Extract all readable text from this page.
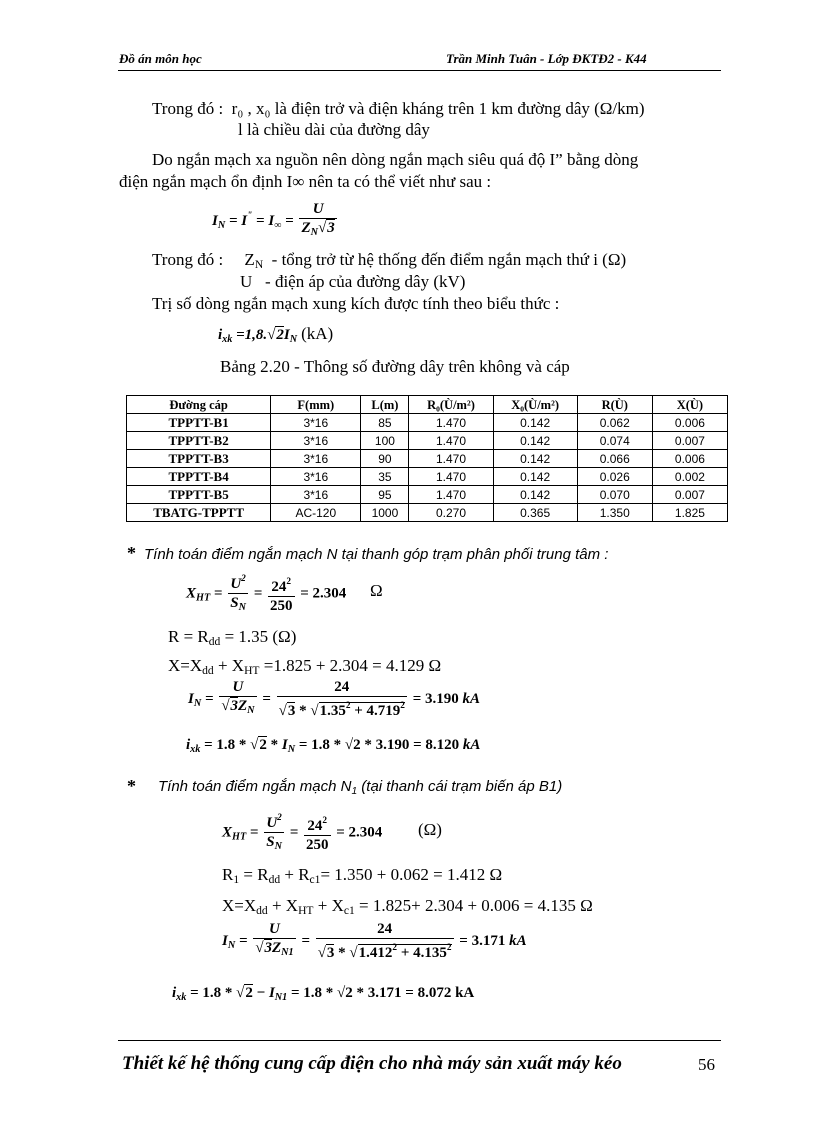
Đồ án môn học	Trần Minh Tuân - Lớp ĐKTĐ2 - K44
Trong đó : r₀ , x₀ là điện trở và điện kháng trên 1 km đường dây (Ω/km)
l là chiều dài của đường dây
Do ngắn mạch xa nguồn nên dòng ngắn mạch siêu quá độ I” bằng dòng
điện ngắn mạch ổn định I∞ nên ta có thể viết như sau :
$I_N = I^" = I_\infty = \frac{U}{Z_N√3}$
Trong đó : $Z_N$ - tổng trở từ hệ thống đến điểm ngắn mạch thứ i (Ω)
U - điện áp của đường dây (kV)
Trị số dòng ngắn mạch xung kích được tính theo biểu thức :
$i_{xk} =1,8.√2I_N$ (kA)
Bảng 2.20 - Thông số đường dây trên không và cáp
Đường cáp	F(mm)	L(m)	R₀(Ù/m²)	X₀(Ù/m²)	R(Ù)	X(Ù)
TPPTT-B1	3*16	85	1.470	0.142	0.062	0.006
TPPTT-B2	3*16	100	1.470	0.142	0.074	0.007
TPPTT-B3	3*16	90	1.470	0.142	0.066	0.006
TPPTT-B4	3*16	35	1.470	0.142	0.026	0.002
TPPTT-B5	3*16	95	1.470	0.142	0.070	0.007
TBATG-TPPTT	AC-120	1000	0.270	0.365	1.350	1.825
* Tính toán điểm ngắn mạch N tại thanh góp trạm phân phối trung tâm :
$X_{HT} = \frac{U^2}{S_N} = \frac{24^2}{250} = 2.304$ Ω
$R = R_{dd} = 1.35$ (Ω)
$X=X_{dd} + X_{HT} =1.825 + 2.304 = 4.129$ Ω
$I_N = \frac{U}{√3Z_N} = \frac{24}{√3 * √1.35^2 + 4.719^2} = 3.190$ kA
$i_{xk} = 1.8 * √2 * I_N = 1.8 * √2 * 3.190 = 8.120$ kA
* Tính toán điểm ngắn mạch $N_1$ (tại thanh cái trạm biến áp B1)
$X_{HT} = \frac{U^2}{S_N} = \frac{24^2}{250} = 2.304$ (Ω)
$R_1 = R_{dd} + R_{c1}= 1.350 + 0.062 = 1.412$ Ω
$X=X_{dd} + X_{HT} + X_{c1} = 1.825+ 2.304 + 0.006 = 4.135$ Ω
$I_N = \frac{U}{√3Z_{N1}} = \frac{24}{√3 * √1.412^2 + 4.135^2} = 3.171$ kA
$i_{xk} = 1.8 * √2 - I_{N1} = 1.8 * √2 * 3.171 = 8.072$ kA
Thiết kế hệ thống cung cấp điện cho nhà máy sản xuất máy kéo	56
